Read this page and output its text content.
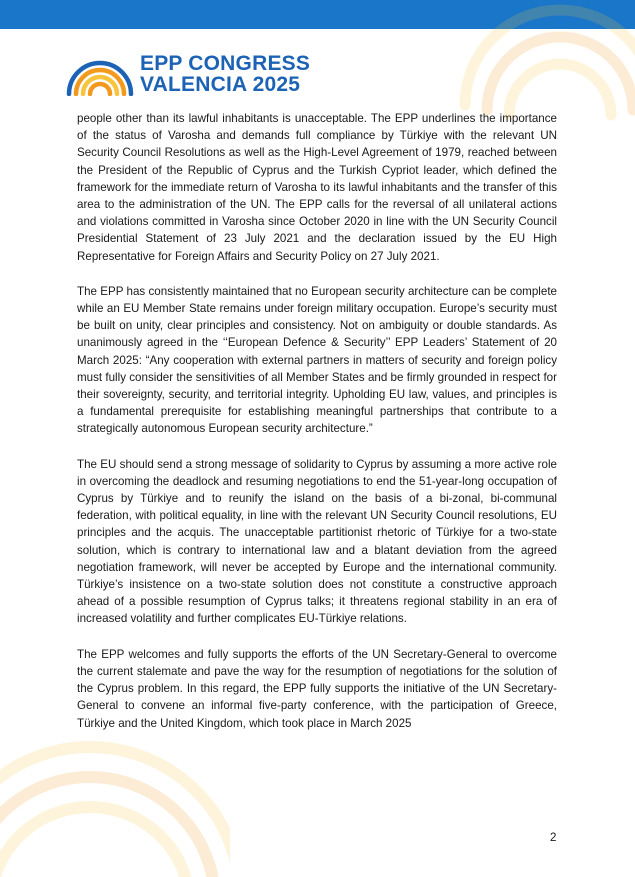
EPP CONGRESS
VALENCIA 2025

people other than its lawful inhabitants is unacceptable. The EPP underlines the importance of the status of Varosha and demands full compliance by Türkiye with the relevant UN Security Council Resolutions as well as the High-Level Agreement of 1979, reached between the President of the Republic of Cyprus and the Turkish Cypriot leader, which defined the framework for the immediate return of Varosha to its lawful inhabitants and the transfer of this area to the administration of the UN. The EPP calls for the reversal of all unilateral actions and violations committed in Varosha since October 2020 in line with the UN Security Council Presidential Statement of 23 July 2021 and the declaration issued by the EU High Representative for Foreign Affairs and Security Policy on 27 July 2021.

The EPP has consistently maintained that no European security architecture can be complete while an EU Member State remains under foreign military occupation. Europe’s security must be built on unity, clear principles and consistency. Not on ambiguity or double standards. As unanimously agreed in the ‘‘European Defence & Security’’ EPP Leaders’ Statement of 20 March 2025: “Any cooperation with external partners in matters of security and foreign policy must fully consider the sensitivities of all Member States and be firmly grounded in respect for their sovereignty, security, and territorial integrity. Upholding EU law, values, and principles is a fundamental prerequisite for establishing meaningful partnerships that contribute to a strategically autonomous European security architecture.”

The EU should send a strong message of solidarity to Cyprus by assuming a more active role in overcoming the deadlock and resuming negotiations to end the 51-year-long occupation of Cyprus by Türkiye and to reunify the island on the basis of a bi-zonal, bi-communal federation, with political equality, in line with the relevant UN Security Council resolutions, EU principles and the acquis. The unacceptable partitionist rhetoric of Türkiye for a two-state solution, which is contrary to international law and a blatant deviation from the agreed negotiation framework, will never be accepted by Europe and the international community. Türkiye’s insistence on a two-state solution does not constitute a constructive approach ahead of a possible resumption of Cyprus talks; it threatens regional stability in an era of increased volatility and further complicates EU-Türkiye relations.

The EPP welcomes and fully supports the efforts of the UN Secretary-General to overcome the current stalemate and pave the way for the resumption of negotiations for the solution of the Cyprus problem. In this regard, the EPP fully supports the initiative of the UN Secretary-General to convene an informal five-party conference, with the participation of Greece, Türkiye and the United Kingdom, which took place in March 2025

2
